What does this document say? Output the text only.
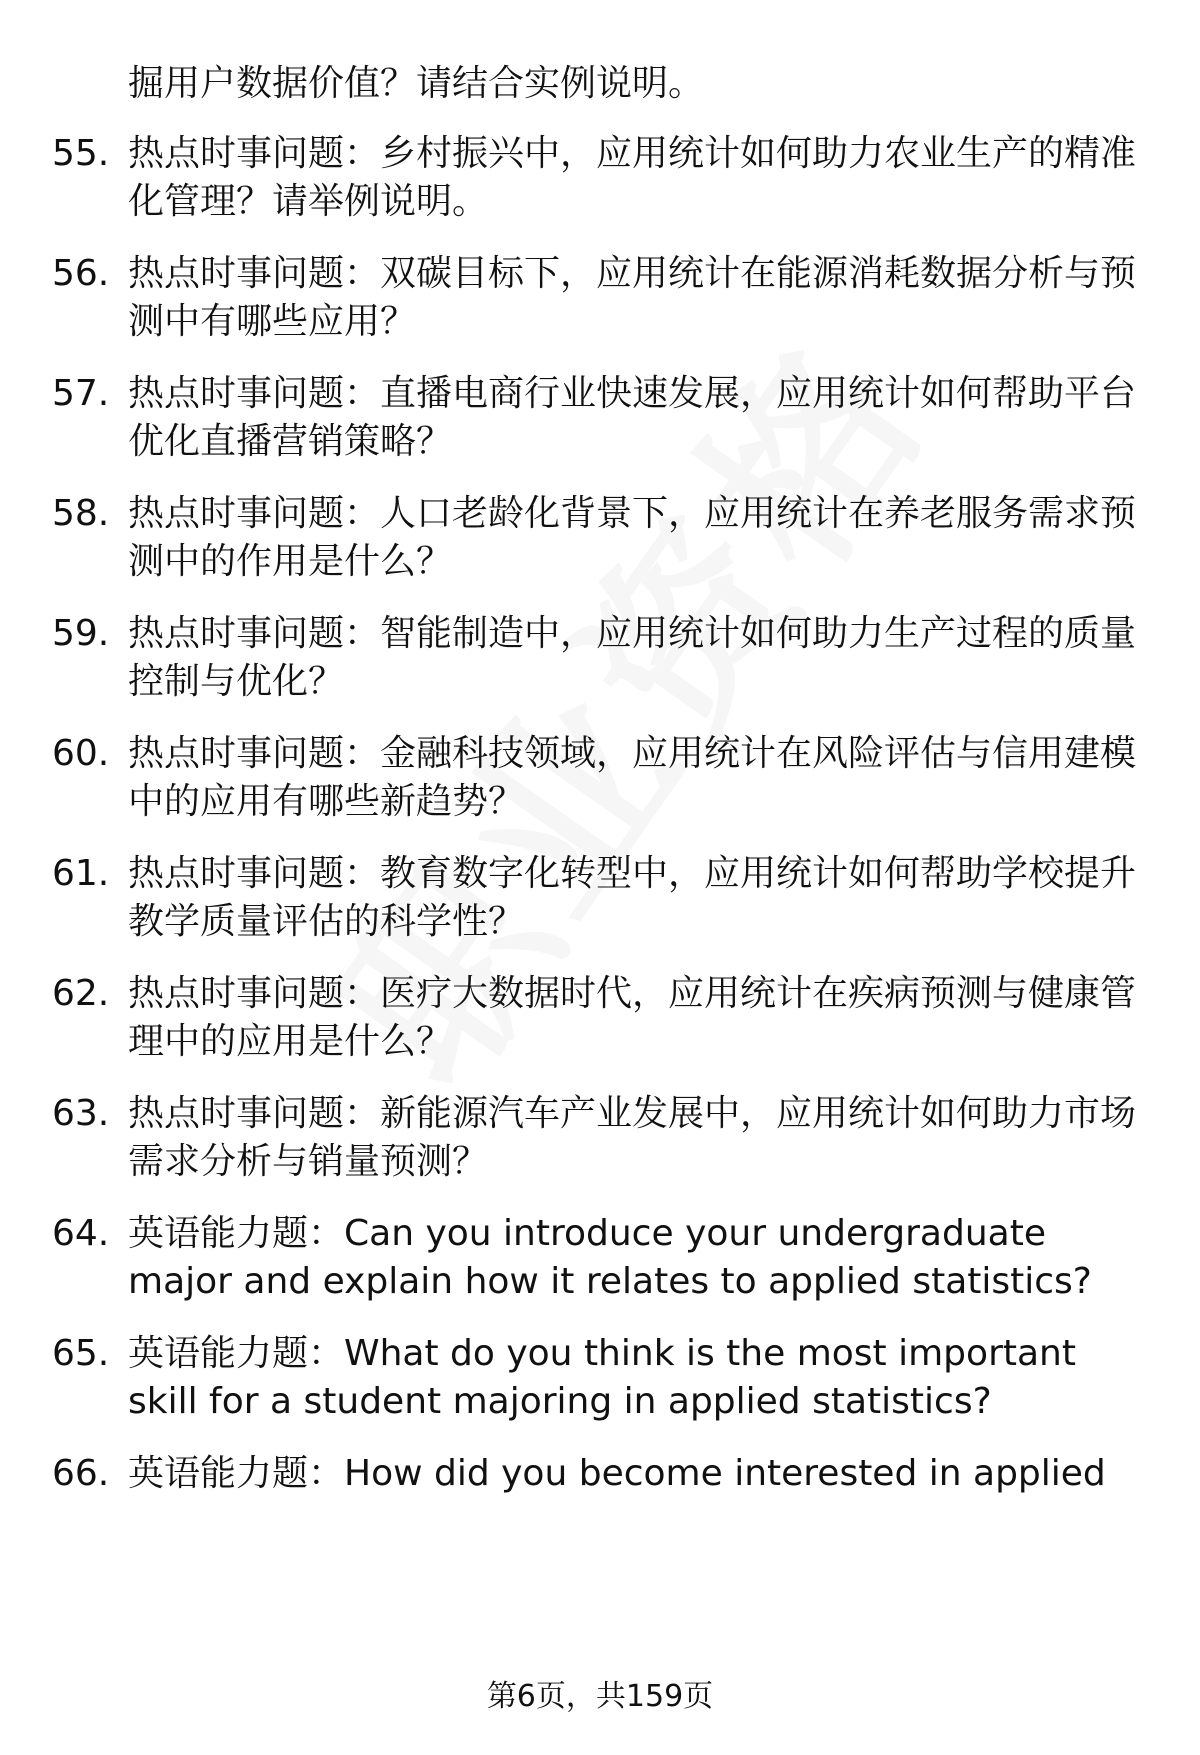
掘用户数据价值？请结合实例说明。
55. 热点时事问题：乡村振兴中，应用统计如何助力农业生产的精准化管理？请举例说明。
56. 热点时事问题：双碳目标下，应用统计在能源消耗数据分析与预测中有哪些应用？
57. 热点时事问题：直播电商行业快速发展，应用统计如何帮助平台优化直播营销策略？
58. 热点时事问题：人口老龄化背景下，应用统计在养老服务需求预测中的作用是什么？
59. 热点时事问题：智能制造中，应用统计如何助力生产过程的质量控制与优化？
60. 热点时事问题：金融科技领域，应用统计在风险评估与信用建模中的应用有哪些新趋势？
61. 热点时事问题：教育数字化转型中，应用统计如何帮助学校提升教学质量评估的科学性？
62. 热点时事问题：医疗大数据时代，应用统计在疾病预测与健康管理中的应用是什么？
63. 热点时事问题：新能源汽车产业发展中，应用统计如何助力市场需求分析与销量预测？
64. 英语能力题：Can you introduce your undergraduate major and explain how it relates to applied statistics?
65. 英语能力题：What do you think is the most important skill for a student majoring in applied statistics?
66. 英语能力题：How did you become interested in applied
第6页，共159页
